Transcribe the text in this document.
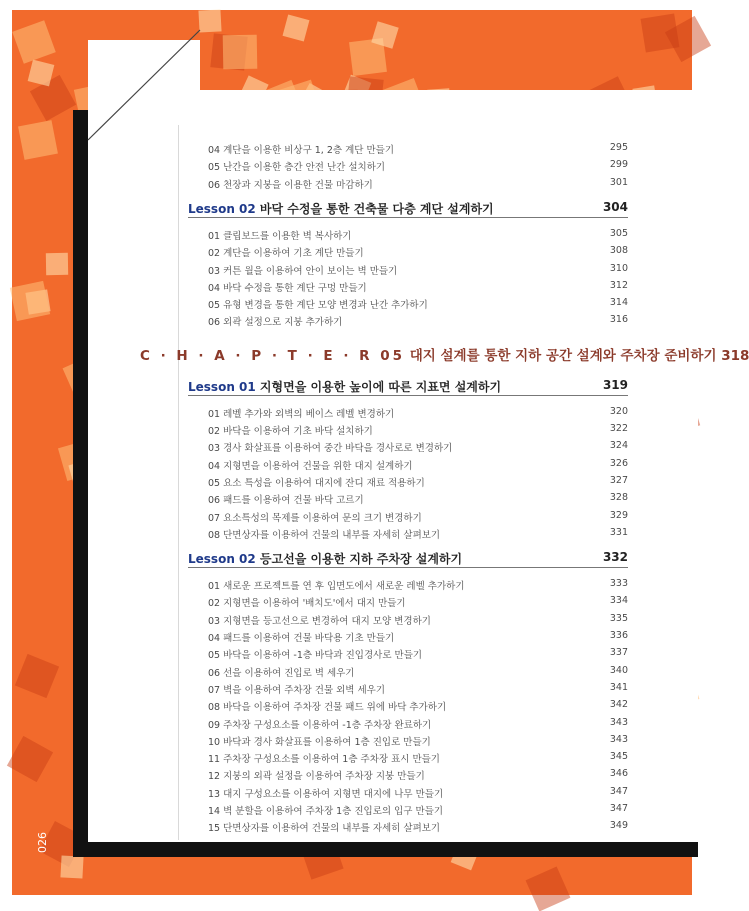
04 계단을 이용한 비상구 1, 2층 계단 만들기	295
05 난간을 이용한 층간 안전 난간 설치하기	299
06 천장과 지붕을 이용한 건물 마감하기	301
Lesson 02 바닥 수정을 통한 건축물 다층 계단 설계하기	304
01 클립보드를 이용한 벽 복사하기	305
02 계단을 이용하여 기초 계단 만들기	308
03 커튼 월을 이용하여 안이 보이는 벽 만들기	310
04 바닥 수정을 통한 계단 구멍 만들기	312
05 유형 변경을 통한 계단 모양 변경과 난간 추가하기	314
06 외곽 설정으로 지붕 추가하기	316
Lesson 01 지형면을 이용한 높이에 따른 지표면 설계하기	319
01 레벨 추가와 외벽의 베이스 레벨 변경하기	320
02 바닥을 이용하여 기초 바닥 설치하기	322
03 경사 화살표를 이용하여 중간 바닥을 경사로로 변경하기	324
04 지형면을 이용하여 건물을 위한 대지 설계하기	326
05 요소 특성을 이용하여 대지에 잔디 재료 적용하기	327
06 패드를 이용하여 건물 바닥 고르기	328
07 요소특성의 목제를 이용하여 문의 크기 변경하기	329
08 단면상자를 이용하여 건물의 내부를 자세히 살펴보기	331
Lesson 02 등고선을 이용한 지하 주차장 설계하기	332
01 새로운 프로젝트를 연 후 입면도에서 새로운 레벨 추가하기	333
02 지형면을 이용하여 '배치도'에서 대지 만들기	334
03 지형면을 등고선으로 변경하여 대지 모양 변경하기	335
04 패드를 이용하여 건물 바닥용 기초 만들기	336
05 바닥을 이용하여 -1층 바닥과 진입경사로 만들기	337
06 선을 이용하여 진입로 벽 세우기	340
07 벽을 이용하여 주차장 건물 외벽 세우기	341
08 바닥을 이용하여 주차장 건물 패드 위에 바닥 추가하기	342
09 주차장 구성요소를 이용하여 -1층 주차장 완료하기	343
10 바닥과 경사 화살표를 이용하여 1층 진입로 만들기	343
11 주차장 구성요소를 이용하여 1층 주차장 표시 만들기	345
12 지붕의 외곽 설정을 이용하여 주차장 지붕 만들기	346
13 대지 구성요소를 이용하여 지형면 대지에 나무 만들기	347
14 벽 분할을 이용하여 주차장 1층 진입로의 입구 만들기	347
15 단면상자를 이용하여 건물의 내부를 자세히 살펴보기	349
026
C · H · A · P · T · E · R 05 대지 설계를 통한 지하 공간 설계와 주차장 준비하기 318
